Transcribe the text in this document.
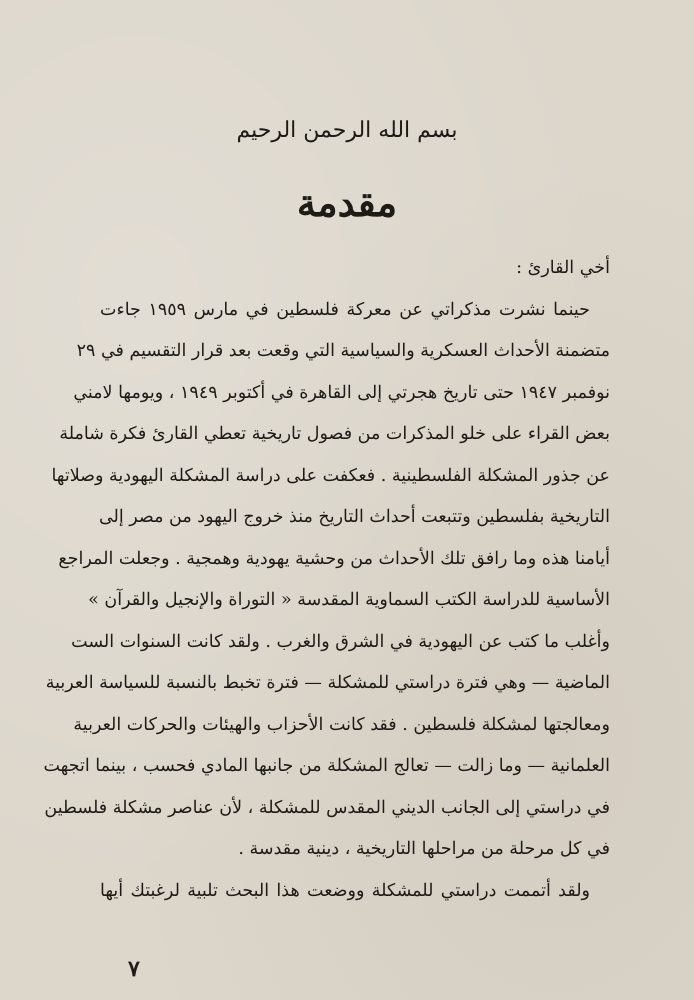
بسم الله الرحمن الرحيم
مقدمة
أخي القارئ :
حينما نشرت مذكراتي عن معركة فلسطين في مارس ١٩٥٩ جاءت
متضمنة الأحداث العسكرية والسياسية التي وقعت بعد قرار التقسيم في ٢٩
نوفمبر ١٩٤٧ حتى تاريخ هجرتي إلى القاهرة في أكتوبر ١٩٤٩ ، ويومها لامني
بعض القراء على خلو المذكرات من فصول تاريخية تعطي القارئ فكرة شاملة
عن جذور المشكلة الفلسطينية . فعكفت على دراسة المشكلة اليهودية وصلاتها
التاريخية بفلسطين وتتبعت أحداث التاريخ منذ خروج اليهود من مصر إلى
أيامنا هذه وما رافق تلك الأحداث من وحشية يهودية وهمجية . وجعلت المراجع
الأساسية للدراسة الكتب السماوية المقدسة « التوراة والإنجيل والقرآن »
وأغلب ما كتب عن اليهودية في الشرق والغرب . ولقد كانت السنوات الست
الماضية — وهي فترة دراستي للمشكلة — فترة تخبط بالنسبة للسياسة العربية
ومعالجتها لمشكلة فلسطين . فقد كانت الأحزاب والهيئات والحركات العربية
العلمانية — وما زالت — تعالج المشكلة من جانبها المادي فحسب ، بينما اتجهت
في دراستي إلى الجانب الديني المقدس للمشكلة ، لأن عناصر مشكلة فلسطين
في كل مرحلة من مراحلها التاريخية ، دينية مقدسة .
ولقد أتممت دراستي للمشكلة ووضعت هذا البحث تلبية لرغبتك أيها
٧
